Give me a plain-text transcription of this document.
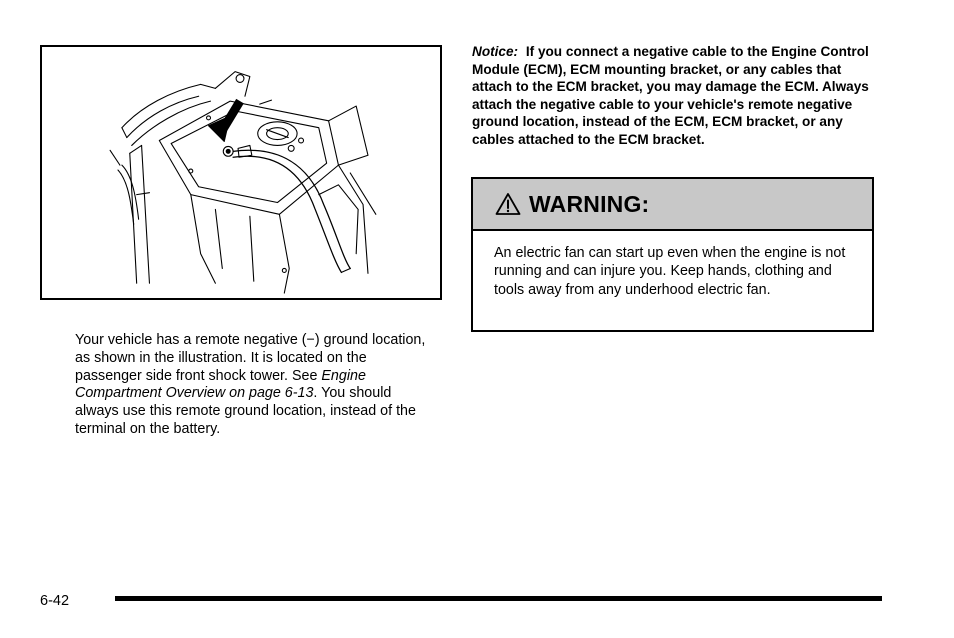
Your vehicle has a remote negative (−) ground location, as shown in the illustration. It is located on the passenger side front shock tower. See Engine Compartment Overview on page 6-13. You should always use this remote ground location, instead of the terminal on the battery.
Notice: If you connect a negative cable to the Engine Control Module (ECM), ECM mounting bracket, or any cables that attach to the ECM bracket, you may damage the ECM. Always attach the negative cable to your vehicle's remote negative ground location, instead of the ECM, ECM bracket, or any cables attached to the ECM bracket.
WARNING:
An electric fan can start up even when the engine is not running and can injure you. Keep hands, clothing and tools away from any underhood electric fan.
6-42
